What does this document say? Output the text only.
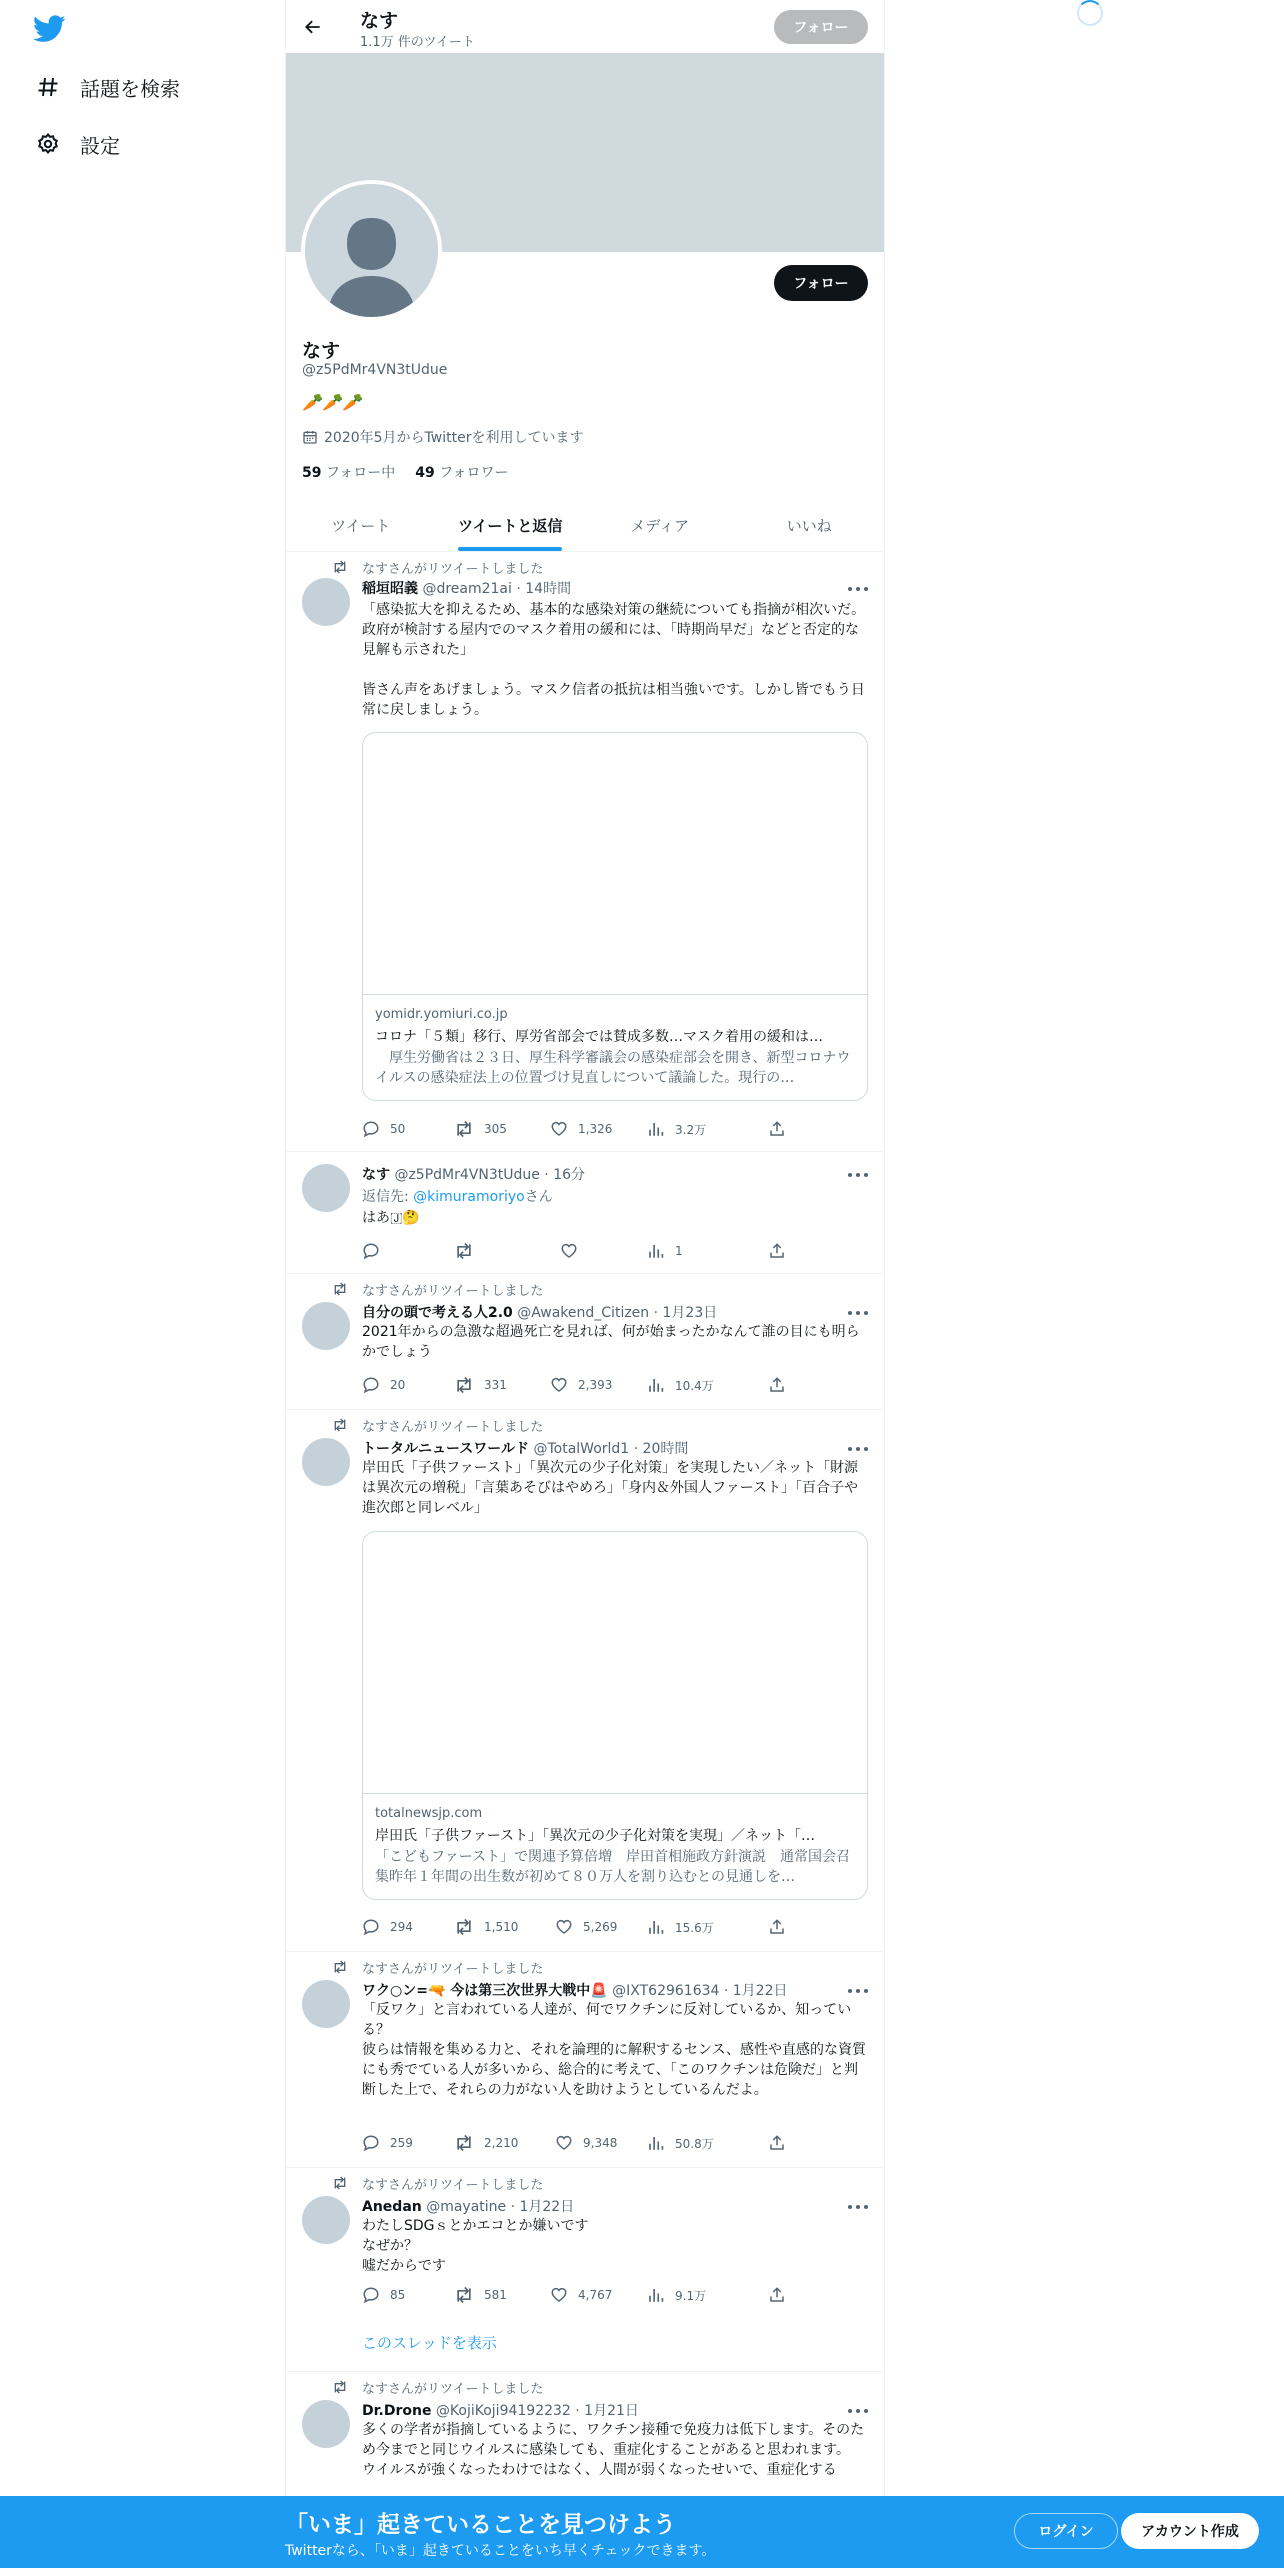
話題を検索
設定
なす
1.1万 件のツイート
フォロー
フォロー
なす
@z5PdMr4VN3tUdue
🥕🥕🥕
2020年5月からTwitterを利用しています
59 フォロー中 49 フォロワー
ツイート	ツイートと返信	メディア	いいね
なすさんがリツイートしました
稲垣昭義 @dream21ai · 14時間
「感染拡大を抑えるため、基本的な感染対策の継続についても指摘が相次いだ。政府が検討する屋内でのマスク着用の緩和には、「時期尚早だ」などと否定的な見解も示された」

皆さん声をあげましょう。マスク信者の抵抗は相当強いです。しかし皆でもう日常に戻しましょう。
yomidr.yomiuri.co.jp
コロナ「５類」移行、厚労省部会では賛成多数…マスク着用の緩和は…
　厚生労働省は２３日、厚生科学審議会の感染症部会を開き、新型コロナウイルスの感染症法上の位置づけ見直しについて議論した。現行の…
50	305	1,326	3.2万
なす @z5PdMr4VN3tUdue · 16分
返信先: @kimuramoriyoさん
はあ🇯🤔
1
なすさんがリツイートしました
自分の頭で考える人2.0 @Awakend_Citizen · 1月23日
2021年からの急激な超過死亡を見れば、何が始まったかなんて誰の目にも明らかでしょう
20	331	2,393	10.4万
なすさんがリツイートしました
トータルニュースワールド @TotalWorld1 · 20時間
岸田氏「子供ファースト」「異次元の少子化対策」を実現したい／ネット「財源は異次元の増税」「言葉あそびはやめろ」「身内＆外国人ファースト」「百合子や進次郎と同レベル」
totalnewsjp.com
岸田氏「子供ファースト」「異次元の少子化対策を実現」／ネット「…
「こどもファースト」で関連予算倍増　岸田首相施政方針演説　通常国会召集昨年１年間の出生数が初めて８０万人を割り込むとの見通しを…
294	1,510	5,269	15.6万
なすさんがリツイートしました
ワク○ン=🔫 今は第三次世界大戦中🚨 @IXT62961634 · 1月22日
「反ワク」と言われている人達が、何でワクチンに反対しているか、知っている？
彼らは情報を集める力と、それを論理的に解釈するセンス、感性や直感的な資質にも秀でている人が多いから、総合的に考えて、「このワクチンは危険だ」と判断した上で、それらの力がない人を助けようとしているんだよ。
259	2,210	9,348	50.8万
なすさんがリツイートしました
Anedan @mayatine · 1月22日
わたしSDGｓとかエコとか嫌いです
なぜか？
嘘だからです
85	581	4,767	9.1万
このスレッドを表示
なすさんがリツイートしました
Dr.Drone @KojiKoji94192232 · 1月21日
多くの学者が指摘しているように、ワクチン接種で免疫力は低下します。そのため今までと同じウイルスに感染しても、重症化することがあると思われます。
ウイルスが強くなったわけではなく、人間が弱くなったせいで、重症化する
「いま」起きていることを見つけよう
Twitterなら、「いま」起きていることをいち早くチェックできます。
ログイン	アカウント作成
